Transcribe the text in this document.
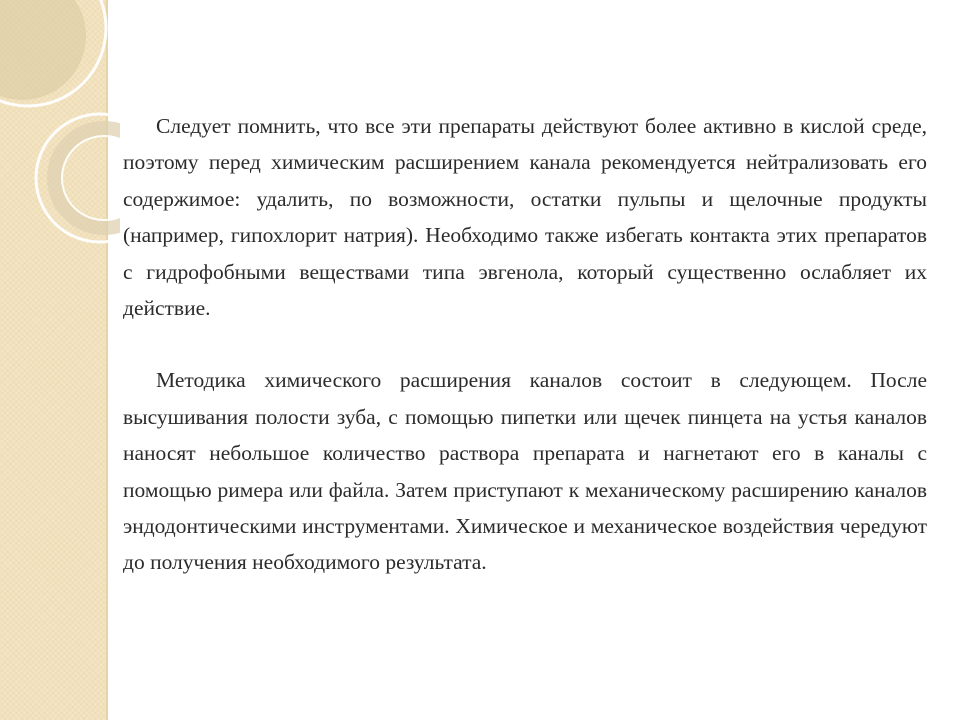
Следует помнить, что все эти препараты действуют более активно в кислой среде, поэтому перед химическим расширением канала рекомендуется нейтрализовать его содержимое: удалить, по возможности, остатки пульпы и щелочные продукты (например, гипохлорит натрия). Необходимо также избегать контакта этих препаратов с гидрофобными веществами типа эвгенола, который существенно ослабляет их действие.

Методика химического расширения каналов состоит в следующем. После высушивания полости зуба, с помощью пипетки или щечек пинцета на устья каналов наносят небольшое количество раствора препарата и нагнетают его в каналы с помощью римера или файла. Затем приступают к механическому расширению каналов эндодонтическими инструментами. Химическое и механическое воздействия чередуют до получения необходимого результата.
